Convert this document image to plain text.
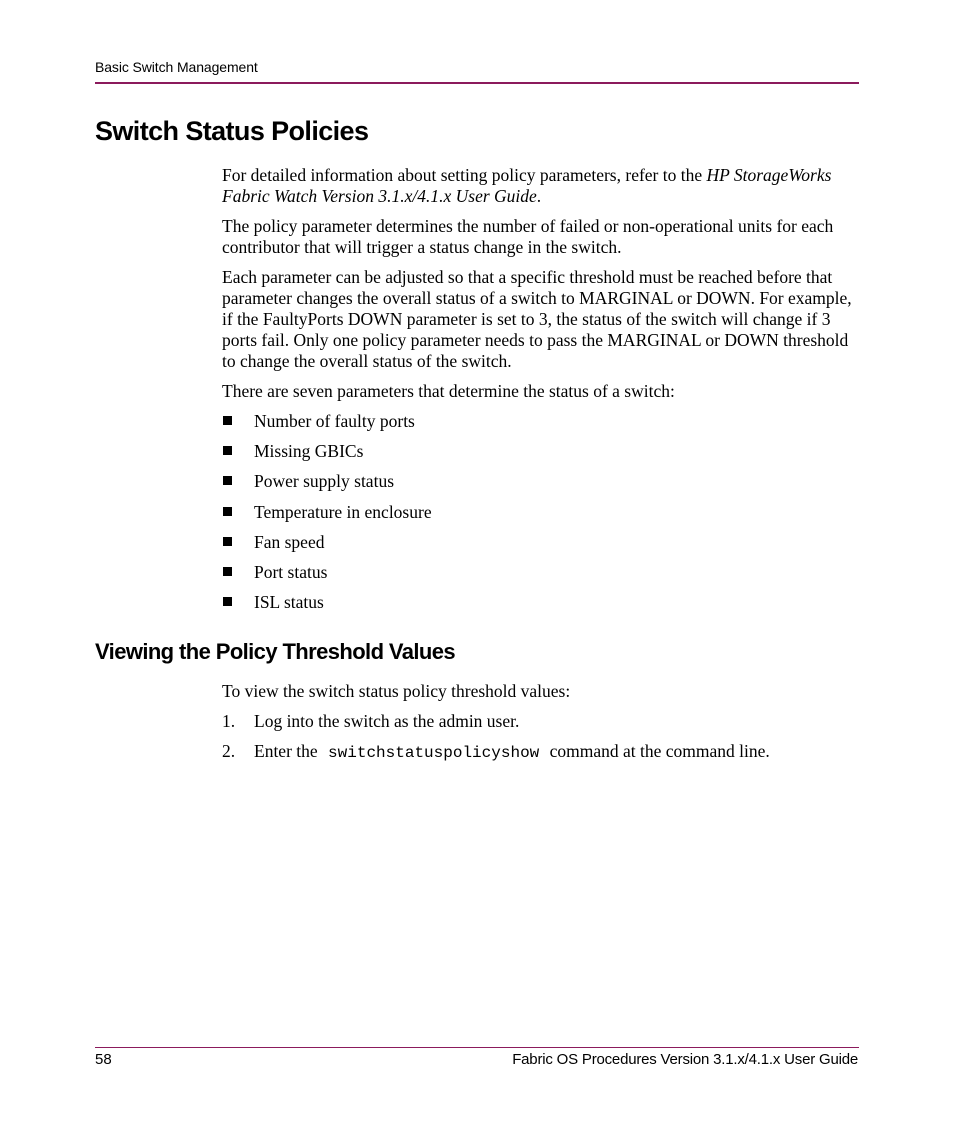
Basic Switch Management
Switch Status Policies

For detailed information about setting policy parameters, refer to the HP StorageWorks Fabric Watch Version 3.1.x/4.1.x User Guide.

The policy parameter determines the number of failed or non-operational units for each contributor that will trigger a status change in the switch.

Each parameter can be adjusted so that a specific threshold must be reached before that parameter changes the overall status of a switch to MARGINAL or DOWN. For example, if the FaultyPorts DOWN parameter is set to 3, the status of the switch will change if 3 ports fail. Only one policy parameter needs to pass the MARGINAL or DOWN threshold to change the overall status of the switch.

There are seven parameters that determine the status of a switch:

Number of faulty ports
Missing GBICs
Power supply status
Temperature in enclosure
Fan speed
Port status
ISL status
Viewing the Policy Threshold Values

To view the switch status policy threshold values:

1. Log into the switch as the admin user.
2. Enter the switchstatuspolicyshow command at the command line.
58	Fabric OS Procedures Version 3.1.x/4.1.x User Guide
